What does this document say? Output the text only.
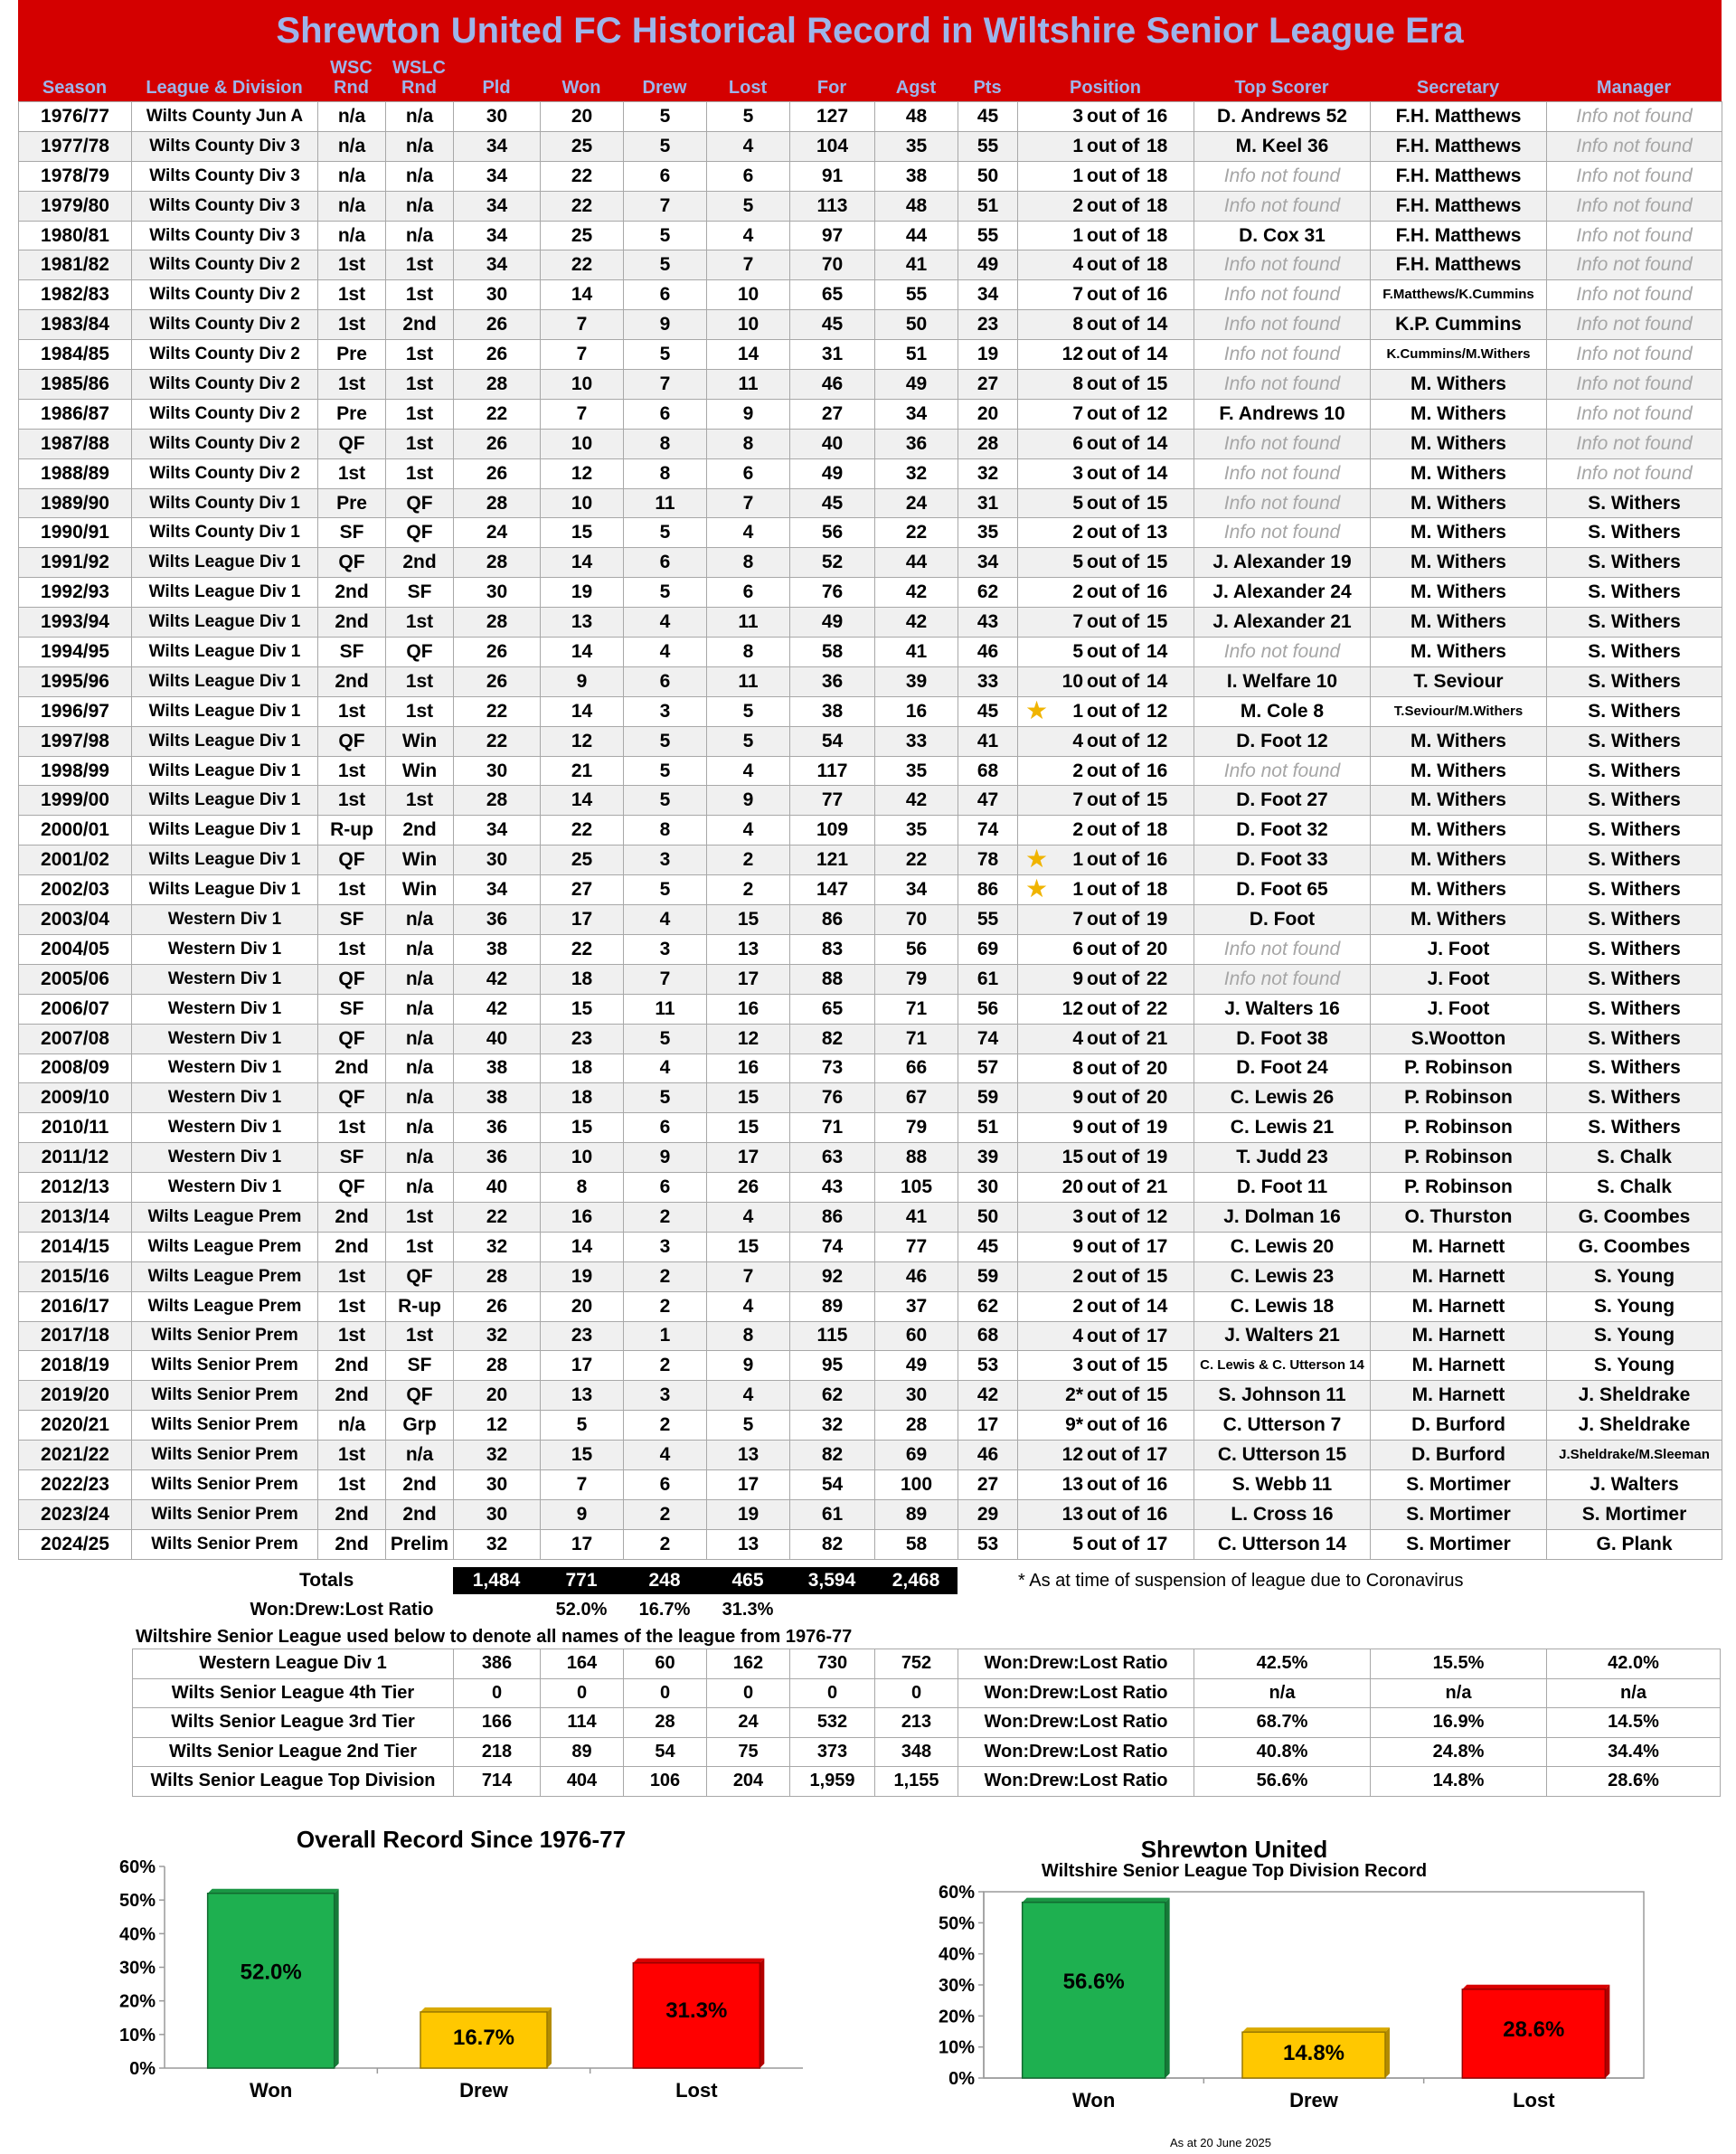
Shrewton United FC Historical Record in Wiltshire Senior League Era
Season	League & Division
WSC
Rnd
WSLC
Rnd	Pld	Won	Drew	Lost	For	Agst	Pts	Position	Top Scorer	Secretary	Manager
1976/77	Wilts County Jun A	n/a	n/a	30	20	5	5	127	48	45	3 out of 16	D. Andrews 52	F.H. Matthews	Info not found
1977/78	Wilts County Div 3	n/a	n/a	34	25	5	4	104	35	55	1 out of 18	M. Keel 36	F.H. Matthews	Info not found
1978/79	Wilts County Div 3	n/a	n/a	34	22	6	6	91	38	50	1 out of 18	Info not found	F.H. Matthews	Info not found
1979/80	Wilts County Div 3	n/a	n/a	34	22	7	5	113	48	51	2 out of 18	Info not found	F.H. Matthews	Info not found
1980/81	Wilts County Div 3	n/a	n/a	34	25	5	4	97	44	55	1 out of 18	D. Cox 31	F.H. Matthews	Info not found
1981/82	Wilts County Div 2	1st	1st	34	22	5	7	70	41	49	4 out of 18	Info not found	F.H. Matthews	Info not found
1982/83	Wilts County Div 2	1st	1st	30	14	6	10	65	55	34	7 out of 16	Info not found	F.Matthews/K.Cummins	Info not found
1983/84	Wilts County Div 2	1st	2nd	26	7	9	10	45	50	23	8 out of 14	Info not found	K.P. Cummins	Info not found
1984/85	Wilts County Div 2	Pre	1st	26	7	5	14	31	51	19	12 out of 14	Info not found	K.Cummins/M.Withers	Info not found
1985/86	Wilts County Div 2	1st	1st	28	10	7	11	46	49	27	8 out of 15	Info not found	M. Withers	Info not found
1986/87	Wilts County Div 2	Pre	1st	22	7	6	9	27	34	20	7 out of 12	F. Andrews 10	M. Withers	Info not found
1987/88	Wilts County Div 2	QF	1st	26	10	8	8	40	36	28	6 out of 14	Info not found	M. Withers	Info not found
1988/89	Wilts County Div 2	1st	1st	26	12	8	6	49	32	32	3 out of 14	Info not found	M. Withers	Info not found
1989/90	Wilts County Div 1	Pre	QF	28	10	11	7	45	24	31	5 out of 15	Info not found	M. Withers	S. Withers
1990/91	Wilts County Div 1	SF	QF	24	15	5	4	56	22	35	2 out of 13	Info not found	M. Withers	S. Withers
1991/92	Wilts League Div 1	QF	2nd	28	14	6	8	52	44	34	5 out of 15	J. Alexander 19	M. Withers	S. Withers
1992/93	Wilts League Div 1	2nd	SF	30	19	5	6	76	42	62	2 out of 16	J. Alexander 24	M. Withers	S. Withers
1993/94	Wilts League Div 1	2nd	1st	28	13	4	11	49	42	43	7 out of 15	J. Alexander 21	M. Withers	S. Withers
1994/95	Wilts League Div 1	SF	QF	26	14	4	8	58	41	46	5 out of 14	Info not found	M. Withers	S. Withers
1995/96	Wilts League Div 1	2nd	1st	26	9	6	11	36	39	33	10 out of 14	I. Welfare 10	T. Seviour	S. Withers
1996/97	Wilts League Div 1	1st	1st	22	14	3	5	38	16	45	★ 1 out of 12	M. Cole 8	T.Seviour/M.Withers	S. Withers
1997/98	Wilts League Div 1	QF	Win	22	12	5	5	54	33	41	4 out of 12	D. Foot 12	M. Withers	S. Withers
1998/99	Wilts League Div 1	1st	Win	30	21	5	4	117	35	68	2 out of 16	Info not found	M. Withers	S. Withers
1999/00	Wilts League Div 1	1st	1st	28	14	5	9	77	42	47	7 out of 15	D. Foot 27	M. Withers	S. Withers
2000/01	Wilts League Div 1	R-up	2nd	34	22	8	4	109	35	74	2 out of 18	D. Foot 32	M. Withers	S. Withers
2001/02	Wilts League Div 1	QF	Win	30	25	3	2	121	22	78	★ 1 out of 16	D. Foot 33	M. Withers	S. Withers
2002/03	Wilts League Div 1	1st	Win	34	27	5	2	147	34	86	★ 1 out of 18	D. Foot 65	M. Withers	S. Withers
2003/04	Western Div 1	SF	n/a	36	17	4	15	86	70	55	7 out of 19	D. Foot	M. Withers	S. Withers
2004/05	Western Div 1	1st	n/a	38	22	3	13	83	56	69	6 out of 20	Info not found	J. Foot	S. Withers
2005/06	Western Div 1	QF	n/a	42	18	7	17	88	79	61	9 out of 22	Info not found	J. Foot	S. Withers
2006/07	Western Div 1	SF	n/a	42	15	11	16	65	71	56	12 out of 22	J. Walters 16	J. Foot	S. Withers
2007/08	Western Div 1	QF	n/a	40	23	5	12	82	71	74	4 out of 21	D. Foot 38	S.Wootton	S. Withers
2008/09	Western Div 1	2nd	n/a	38	18	4	16	73	66	57	8 out of 20	D. Foot 24	P. Robinson	S. Withers
2009/10	Western Div 1	QF	n/a	38	18	5	15	76	67	59	9 out of 20	C. Lewis 26	P. Robinson	S. Withers
2010/11	Western Div 1	1st	n/a	36	15	6	15	71	79	51	9 out of 19	C. Lewis 21	P. Robinson	S. Withers
2011/12	Western Div 1	SF	n/a	36	10	9	17	63	88	39	15 out of 19	T. Judd 23	P. Robinson	S. Chalk
2012/13	Western Div 1	QF	n/a	40	8	6	26	43	105	30	20 out of 21	D. Foot 11	P. Robinson	S. Chalk
2013/14	Wilts League Prem	2nd	1st	22	16	2	4	86	41	50	3 out of 12	J. Dolman 16	O. Thurston	G. Coombes
2014/15	Wilts League Prem	2nd	1st	32	14	3	15	74	77	45	9 out of 17	C. Lewis 20	M. Harnett	G. Coombes
2015/16	Wilts League Prem	1st	QF	28	19	2	7	92	46	59	2 out of 15	C. Lewis 23	M. Harnett	S. Young
2016/17	Wilts League Prem	1st	R-up	26	20	2	4	89	37	62	2 out of 14	C. Lewis 18	M. Harnett	S. Young
2017/18	Wilts Senior Prem	1st	1st	32	23	1	8	115	60	68	4 out of 17	J. Walters 21	M. Harnett	S. Young
2018/19	Wilts Senior Prem	2nd	SF	28	17	2	9	95	49	53	3 out of 15	C. Lewis & C. Utterson 14	M. Harnett	S. Young
2019/20	Wilts Senior Prem	2nd	QF	20	13	3	4	62	30	42	2* out of 15	S. Johnson 11	M. Harnett	J. Sheldrake
2020/21	Wilts Senior Prem	n/a	Grp	12	5	2	5	32	28	17	9* out of 16	C. Utterson 7	D. Burford	J. Sheldrake
2021/22	Wilts Senior Prem	1st	n/a	32	15	4	13	82	69	46	12 out of 17	C. Utterson 15	D. Burford	J.Sheldrake/M.Sleeman
2022/23	Wilts Senior Prem	1st	2nd	30	7	6	17	54	100	27	13 out of 16	S. Webb 11	S. Mortimer	J. Walters
2023/24	Wilts Senior Prem	2nd	2nd	30	9	2	19	61	89	29	13 out of 16	L. Cross 16	S. Mortimer	S. Mortimer
2024/25	Wilts Senior Prem	2nd	Prelim	32	17	2	13	82	58	53	5 out of 17	C. Utterson 14	S. Mortimer	G. Plank
Totals	1,484	771	248	465	3,594	2,468	* As at time of suspension of league due to Coronavirus
Won:Drew:Lost Ratio	52.0%	16.7%	31.3%
Wiltshire Senior League used below to denote all names of the league from 1976-77
Western League Div 1	386	164	60	162	730	752	Won:Drew:Lost Ratio	42.5%	15.5%	42.0%
Wilts Senior League 4th Tier	0	0	0	0	0	0	Won:Drew:Lost Ratio	n/a	n/a	n/a
Wilts Senior League 3rd Tier	166	114	28	24	532	213	Won:Drew:Lost Ratio	68.7%	16.9%	14.5%
Wilts Senior League 2nd Tier	218	89	54	75	373	348	Won:Drew:Lost Ratio	40.8%	24.8%	34.4%
Wilts Senior League Top Division	714	404	106	204	1,959	1,155	Won:Drew:Lost Ratio	56.6%	14.8%	28.6%
Overall Record Since 1976-77
0%
10%
20%
30%
40%
50%
60%
52.0%
Won
16.7%
Drew
31.3%
Lost
Shrewton United
Wiltshire Senior League Top Division Record
0%
10%
20%
30%
40%
50%
60%
56.6%
Won
14.8%
Drew
28.6%
Lost
As at 20 June 2025
